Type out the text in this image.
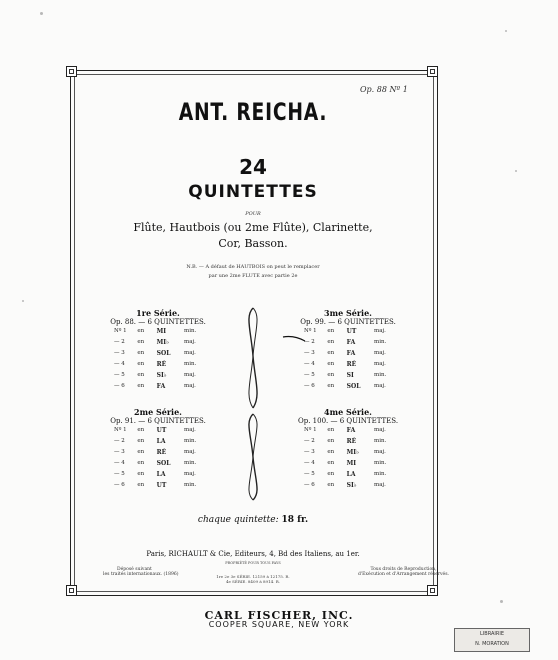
Op. 88 Nº 1
ANT. REICHA.
24
QUINTETTES
POUR
Flûte, Hautbois (ou 2me Flûte), Clarinette,
Cor, Basson.
N.B. — A défaut de HAUTBOIS on peut le remplacer
par une 2me FLUTE avec partie 2e
1re Série.
Op. 88. — 6 QUINTETTES.
Nº 1	en	MI	min.
— 2	en	MI♭	maj.
— 3	en	SOL	maj.
— 4	en	RÉ	min.
— 5	en	SI♭	maj.
— 6	en	FA	maj.
3me Série.
Op. 99. — 6 QUINTETTES.
Nº 1	en	UT	maj.
— 2	en	FA	min.
— 3	en	FA	maj.
— 4	en	RÉ	maj.
— 5	en	SI	min.
— 6	en	SOL	maj.
2me Série.
Op. 91. — 6 QUINTETTES.
Nº 1	en	UT	maj.
— 2	en	LA	min.
— 3	en	RÉ	maj.
— 4	en	SOL	min.
— 5	en	LA	maj.
— 6	en	UT	min.
4me Série.
Op. 100. — 6 QUINTETTES.
Nº 1	en	FA	maj.
— 2	en	RÉ	min.
— 3	en	MI♭	maj.
— 4	en	MI	min.
— 5	en	LA	min.
— 6	en	SI♭	maj.
chaque quintette: 18 fr.
Paris, RICHAULT & Cie, Editeurs, 4, Bd des Italiens, au 1er.
PROPRIÉTÉ POUR TOUS PAYS
Déposé suivant
les traités internationaux. (1896)
Tous droits de Reproduction,
d'Exécution et d'Arrangement réservés.
1re 2e 3e SÉRIE. 12159 à 12175. R.
4e SÉRIE. 8409 à 8914. R.
CARL FISCHER, INC.
COOPER SQUARE, NEW YORK
LIBRAIRIE
N. MORATION
